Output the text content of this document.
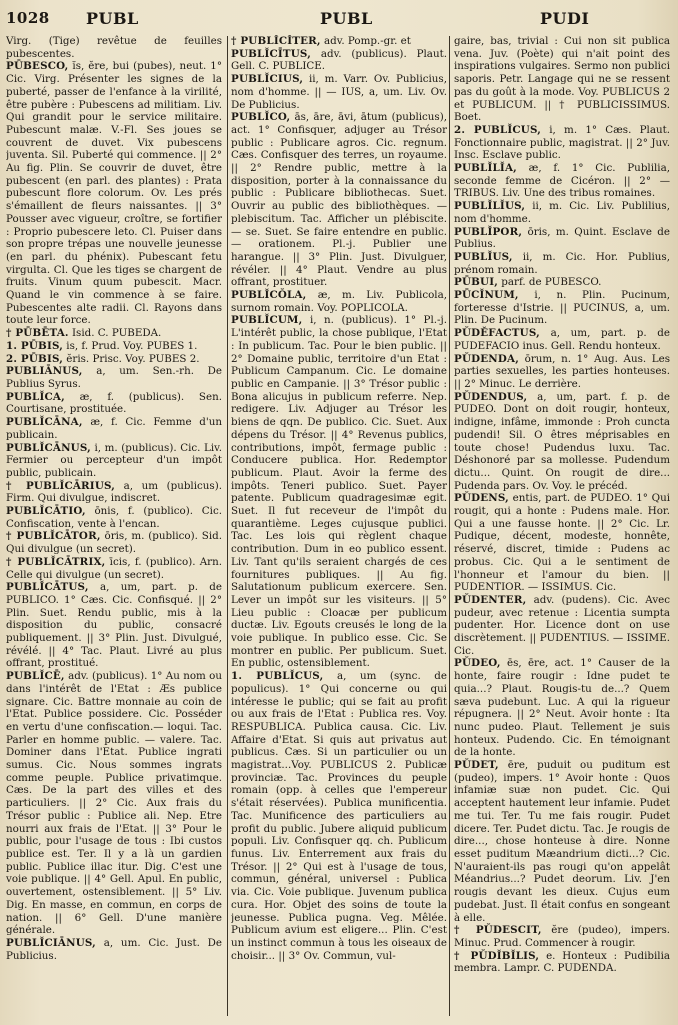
1028 PUBL	PUBL	PUDI

Virg. (Tige) revêtue de feuilles pubescentes.

PŪBESCO, ĭs, ĕre, bui (pubes), neut. 1° Cic. Virg. Présenter les signes de la puberté, passer de l'enfance à la virilité, être pubère : Pubescens ad militiam. Liv. Qui grandit pour le service militaire. Pubescunt malæ. V.-Fl. Ses joues se couvrent de duvet. Vix pubescens juventa. Sil. Puberté qui commence. || 2° Au fig. Plin. Se couvrir de duvet, être pubescent (en parl. des plantes) : Prata pubescunt flore colorum. Ov. Les prés s'émaillent de fleurs naissantes. || 3° Pousser avec vigueur, croître, se fortifier : Proprio pubescere leto. Cl. Puiser dans son propre trépas une nouvelle jeunesse (en parl. du phénix). Pubescant fetu virgulta. Cl. Que les tiges se chargent de fruits. Vinum quum pubescit. Macr. Quand le vin commence à se faire. Pubescentes alte radii. Cl. Rayons dans toute leur force.

† PŪBĒTA. Isid. C. PUBEDA.

1. PŪBIS, is, f. Prud. Voy. PUBES 1.

2. PŪBIS, ĕris. Prisc. Voy. PUBES 2.

PUBLIĀNUS, a, um. Sen.-rh. De Publius Syrus.

PUBLĬCA, æ, f. (publicus). Sen. Courtisane, prostituée.

PUBLĬCĀNA, æ, f. Cic. Femme d'un publicain.

PUBLĬCĀNUS, i, m. (publicus). Cic. Liv. Fermier ou percepteur d'un impôt public, publicain.

† PUBLĬCĀRIUS, a, um (publicus). Firm. Qui divulgue, indiscret.

PUBLĬCĀTIO, ōnis, f. (publico). Cic. Confiscation, vente à l'encan.

† PUBLĬCĀTOR, ōris, m. (publico). Sid. Qui divulgue (un secret).

† PUBLĬCĀTRIX, īcis, f. (publico). Arn. Celle qui divulgue (un secret).

PUBLĬCĀTUS, a, um, part. p. de PUBLICO. 1° Cæs. Cic. Confisqué. || 2° Plin. Suet. Rendu public, mis à la disposition du public, consacré publiquement. || 3° Plin. Just. Divulgué, révélé. || 4° Tac. Plaut. Livré au plus offrant, prostitué.

PUBLĬCĒ, adv. (publicus). 1° Au nom ou dans l'intérêt de l'Etat : Æs publice signare. Cic. Battre monnaie au coin de l'Etat. Publice possidere. Cic. Posséder en vertu d'une confiscation.— loqui. Tac. Parler en homme public. — valere. Tac. Dominer dans l'Etat. Publice ingrati sumus. Cic. Nous sommes ingrats comme peuple. Publice privatimque. Cæs. De la part des villes et des particuliers. || 2° Cic. Aux frais du Trésor public : Publice ali. Nep. Etre nourri aux frais de l'Etat. || 3° Pour le public, pour l'usage de tous : Ibi custos publice est. Ter. Il y a là un gardien public. Publice illac itur. Dig. C'est une voie publique. || 4° Gell. Apul. En public, ouvertement, ostensiblement. || 5° Liv. Dig. En masse, en commun, en corps de nation. || 6° Gell. D'une manière générale.

PUBLĬCIĀNUS, a, um. Cic. Just. De Publicius.

† PUBLĬCĬTER, adv. Pomp.-gr. et

PUBLĬCĪTUS, adv. (publicus). Plaut. Gell. C. PUBLICE.

PUBLĬCIUS, ii, m. Varr. Ov. Publicius, nom d'homme. || — IUS, a, um. Liv. Ov. De Publicius.

PUBLĬCO, ās, āre, āvi, ātum (publicus), act. 1° Confisquer, adjuger au Trésor public : Publicare agros. Cic. regnum. Cæs. Confisquer des terres, un royaume. || 2° Rendre public, mettre à la disposition, porter à la connaissance du public : Publicare bibliothecas. Suet. Ouvrir au public des bibliothèques. — plebiscitum. Tac. Afficher un plébiscite. — se. Suet. Se faire entendre en public. — orationem. Pl.-j. Publier une harangue. || 3° Plin. Just. Divulguer, révéler. || 4° Plaut. Vendre au plus offrant, prostituer.

PUBLĬCŎLA, æ, m. Liv. Publicola, surnom romain. Voy. POPLICOLA.

PUBLĬCUM, i, n. (publicus). 1° Pl.-j. L'intérêt public, la chose publique, l'Etat : In publicum. Tac. Pour le bien public. || 2° Domaine public, territoire d'un Etat : Publicum Campanum. Cic. Le domaine public en Campanie. || 3° Trésor public : Bona alicujus in publicum referre. Nep. redigere. Liv. Adjuger au Trésor les biens de qqn. De publico. Cic. Suet. Aux dépens du Trésor. || 4° Revenus publics, contributions, impôt, fermage public : Conducere publica. Hor. Redemptor publicum. Plaut. Avoir la ferme des impôts. Teneri publico. Suet. Payer patente. Publicum quadragesimæ egit. Suet. Il fut receveur de l'impôt du quarantième. Leges cujusque publici. Tac. Les lois qui règlent chaque contribution. Dum in eo publico essent. Liv. Tant qu'ils seraient chargés de ces fournitures publiques. || Au fig. Salutationum publicum exercere. Sen. Lever un impôt sur les visiteurs. || 5° Lieu public : Cloacæ per publicum ductæ. Liv. Egouts creusés le long de la voie publique. In publico esse. Cic. Se montrer en public. Per publicum. Suet. En public, ostensiblement.

1. PUBLĬCUS, a, um (sync. de populicus). 1° Qui concerne ou qui intéresse le public; qui se fait au profit ou aux frais de l'Etat : Publica res. Voy. RESPUBLICA. Publica causa. Cic. Liv. Affaire d'Etat. Si quis aut privatus aut publicus. Cæs. Si un particulier ou un magistrat...Voy. PUBLICUS 2. Publicæ provinciæ. Tac. Provinces du peuple romain (opp. à celles que l'empereur s'était réservées). Publica munificentia. Tac. Munificence des particuliers au profit du public. Jubere aliquid publicum populi. Liv. Confisquer qq. ch. Publicum funus. Liv. Enterrement aux frais du Trésor. || 2° Qui est à l'usage de tous, commun, général, universel : Publica via. Cic. Voie publique. Juvenum publica cura. Hor. Objet des soins de toute la jeunesse. Publica pugna. Veg. Mêlée. Publicum avium est eligere... Plin. C'est un instinct commun à tous les oiseaux de choisir... || 3° Ov. Commun, vul-

gaire, bas, trivial : Cui non sit publica vena. Juv. (Poète) qui n'ait point des inspirations vulgaires. Sermo non publici saporis. Petr. Langage qui ne se ressent pas du goût à la mode. Voy. PUBLICUS 2 et PUBLICUM. || † PUBLICISSIMUS. Boet.

2. PUBLĬCUS, i, m. 1° Cæs. Plaut. Fonctionnaire public, magistrat. || 2° Juv. Insc. Esclave public.

PUBLĬLĬA, æ, f. 1° Cic. Publilia, seconde femme de Cicéron. || 2° — TRIBUS. Liv. Une des tribus romaines.

PUBLĬLĬUS, ii, m. Cic. Liv. Publilius, nom d'homme.

PUBLĬPOR, ōris, m. Quint. Esclave de Publius.

PUBLĬUS, ii, m. Cic. Hor. Publius, prénom romain.

PŪBUI, parf. de PUBESCO.

PŪCĬNUM, i, n. Plin. Pucinum, forteresse d'Istrie. || PUCINUS, a, um. Plin. De Pucinum.

PŬDĔFACTUS, a, um, part. p. de PUDEFACIO inus. Gell. Rendu honteux.

PŬDENDA, ōrum, n. 1° Aug. Aus. Les parties sexuelles, les parties honteuses. || 2° Minuc. Le derrière.

PŬDENDUS, a, um, part. f. p. de PUDEO. Dont on doit rougir, honteux, indigne, infâme, immonde : Proh cuncta pudendi! Sil. O êtres méprisables en toute chose! Pudendus luxu. Tac. Déshonoré par sa mollesse. Pudendum dictu... Quint. On rougit de dire... Pudenda pars. Ov. Voy. le précéd.

PŬDENS, entis, part. de PUDEO. 1° Qui rougit, qui a honte : Pudens male. Hor. Qui a une fausse honte. || 2° Cic. Lr. Pudique, décent, modeste, honnête, réservé, discret, timide : Pudens ac probus. Cic. Qui a le sentiment de l'honneur et l'amour du bien. || PUDENTIOR. — ISSIMUS. Cic.

PŬDENTER, adv. (pudens). Cic. Avec pudeur, avec retenue : Licentia sumpta pudenter. Hor. Licence dont on use discrètement. || PUDENTIUS. — ISSIME. Cic.

PŬDEO, ēs, ēre, act. 1° Causer de la honte, faire rougir : Idne pudet te quia...? Plaut. Rougis-tu de...? Quem sæva pudebunt. Luc. A qui la rigueur répugnera. || 2° Neut. Avoir honte : Ita nunc pudeo. Plaut. Tellement je suis honteux. Pudendo. Cic. En témoignant de la honte.

PŬDET, ēre, puduit ou puditum est (pudeo), impers. 1° Avoir honte : Quos infamiæ suæ non pudet. Cic. Qui acceptent hautement leur infamie. Pudet me tui. Ter. Tu me fais rougir. Pudet dicere. Ter. Pudet dictu. Tac. Je rougis de dire..., chose honteuse à dire. Nonne esset puditum Mæandrium dicti...? Cic. N'auraient-ils pas rougi qu'on appelât Méandrius...? Pudet deorum. Liv. J'en rougis devant les dieux. Cujus eum pudebat. Just. Il était confus en songeant à elle.

† PŬDESCIT, ĕre (pudeo), impers. Minuc. Prud. Commencer à rougir.

† PŬDĬBĬLIS, e. Honteux : Pudibilia membra. Lampr. C. PUDENDA.
